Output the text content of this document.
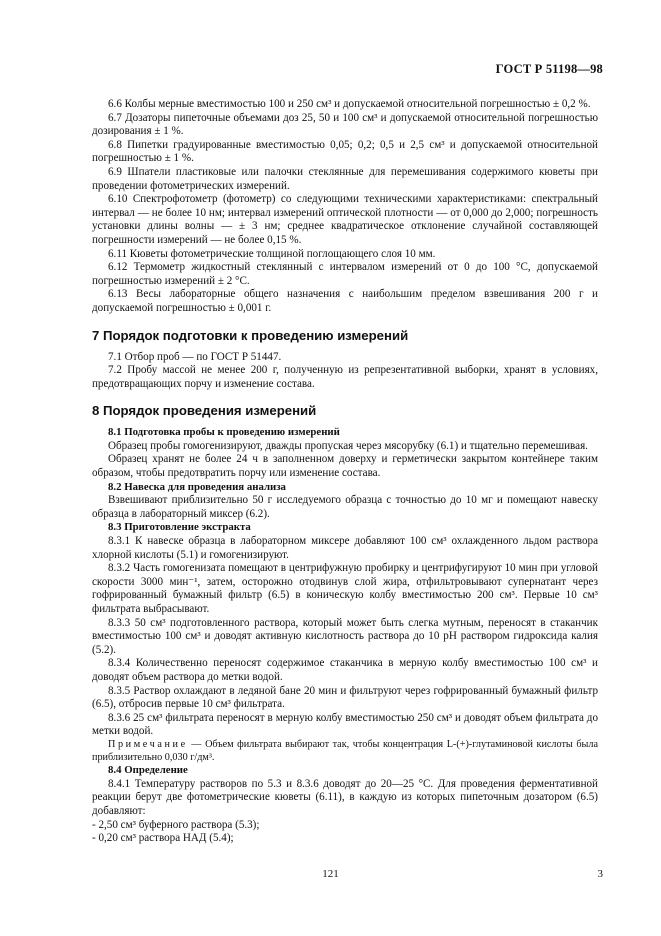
ГОСТ Р 51198—98

6.6 Колбы мерные вместимостью 100 и 250 см³ и допускаемой относительной погрешностью ± 0,2 %.

6.7 Дозаторы пипеточные объемами доз 25, 50 и 100 см³ и допускаемой относительной погрешностью дозирования ± 1 %.

6.8 Пипетки градуированные вместимостью 0,05; 0,2; 0,5 и 2,5 см³ и допускаемой относительной погрешностью ± 1 %.

6.9 Шпатели пластиковые или палочки стеклянные для перемешивания содержимого кюветы при проведении фотометрических измерений.

6.10 Спектрофотометр (фотометр) со следующими техническими характеристиками: спектральный интервал — не более 10 нм; интервал измерений оптической плотности — от 0,000 до 2,000; погрешность установки длины волны — ± 3 нм; среднее квадратическое отклонение случайной составляющей погрешности измерений — не более 0,15 %.

6.11 Кюветы фотометрические толщиной поглощающего слоя 10 мм.

6.12 Термометр жидкостный стеклянный с интервалом измерений от 0 до 100 °С, допускаемой погрешностью измерений ± 2 °С.

6.13 Весы лабораторные общего назначения с наибольшим пределом взвешивания 200 г и допускаемой погрешностью ± 0,001 г.

7 Порядок подготовки к проведению измерений

7.1 Отбор проб — по ГОСТ Р 51447.

7.2 Пробу массой не менее 200 г, полученную из репрезентативной выборки, хранят в условиях, предотвращающих порчу и изменение состава.

8 Порядок проведения измерений

8.1 Подготовка пробы к проведению измерений

Образец пробы гомогенизируют, дважды пропуская через мясорубку (6.1) и тщательно перемешивая.

Образец хранят не более 24 ч в заполненном доверху и герметически закрытом контейнере таким образом, чтобы предотвратить порчу или изменение состава.

8.2 Навеска для проведения анализа

Взвешивают приблизительно 50 г исследуемого образца с точностью до 10 мг и помещают навеску образца в лабораторный миксер (6.2).

8.3 Приготовление экстракта

8.3.1 К навеске образца в лабораторном миксере добавляют 100 см³ охлажденного льдом раствора хлорной кислоты (5.1) и гомогенизируют.

8.3.2 Часть гомогенизата помещают в центрифужную пробирку и центрифугируют 10 мин при угловой скорости 3000 мин⁻¹, затем, осторожно отодвинув слой жира, отфильтровывают супернатант через гофрированный бумажный фильтр (6.5) в коническую колбу вместимостью 200 см³. Первые 10 см³ фильтрата выбрасывают.

8.3.3 50 см³ подготовленного раствора, который может быть слегка мутным, переносят в стаканчик вместимостью 100 см³ и доводят активную кислотность раствора до 10 pH раствором гидроксида калия (5.2).

8.3.4 Количественно переносят содержимое стаканчика в мерную колбу вместимостью 100 см³ и доводят объем раствора до метки водой.

8.3.5 Раствор охлаждают в ледяной бане 20 мин и фильтруют через гофрированный бумажный фильтр (6.5), отбросив первые 10 см³ фильтрата.

8.3.6 25 см³ фильтрата переносят в мерную колбу вместимостью 250 см³ и доводят объем фильтрата до метки водой.

Примечание — Объем фильтрата выбирают так, чтобы концентрация L-(+)-глутаминовой кислоты была приблизительно 0,030 г/дм³.

8.4 Определение

8.4.1 Температуру растворов по 5.3 и 8.3.6 доводят до 20—25 °С. Для проведения ферментативной реакции берут две фотометрические кюветы (6.11), в каждую из которых пипеточным дозатором (6.5) добавляют:

- 2,50 см³ буферного раствора (5.3);

- 0,20 см³ раствора НАД (5.4);

121	3
